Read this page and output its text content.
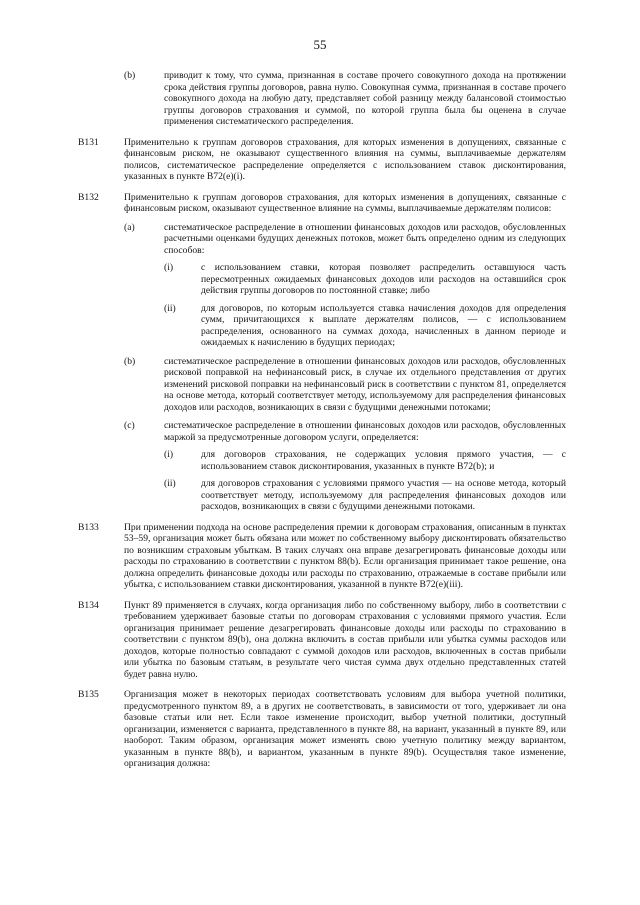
55
(b)	приводит к тому, что сумма, признанная в составе прочего совокупного дохода на протяжении срока действия группы договоров, равна нулю. Совокупная сумма, признанная в составе прочего совокупного дохода на любую дату, представляет собой разницу между балансовой стоимостью группы договоров страхования и суммой, по которой группа была бы оценена в случае применения систематического распределения.
B131	Применительно к группам договоров страхования, для которых изменения в допущениях, связанные с финансовым риском, не оказывают существенного влияния на суммы, выплачиваемые держателям полисов, систематическое распределение определяется с использованием ставок дисконтирования, указанных в пункте B72(e)(i).
B132	Применительно к группам договоров страхования, для которых изменения в допущениях, связанные с финансовым риском, оказывают существенное влияние на суммы, выплачиваемые держателям полисов:
(a)	систематическое распределение в отношении финансовых доходов или расходов, обусловленных расчетными оценками будущих денежных потоков, может быть определено одним из следующих способов:
(i)	с использованием ставки, которая позволяет распределить оставшуюся часть пересмотренных ожидаемых финансовых доходов или расходов на оставшийся срок действия группы договоров по постоянной ставке; либо
(ii)	для договоров, по которым используется ставка начисления доходов для определения сумм, причитающихся к выплате держателям полисов, — с использованием распределения, основанного на суммах дохода, начисленных в данном периоде и ожидаемых к начислению в будущих периодах;
(b)	систематическое распределение в отношении финансовых доходов или расходов, обусловленных рисковой поправкой на нефинансовый риск, в случае их отдельного представления от других изменений рисковой поправки на нефинансовый риск в соответствии с пунктом 81, определяется на основе метода, который соответствует методу, используемому для распределения финансовых доходов или расходов, возникающих в связи с будущими денежными потоками;
(c)	систематическое распределение в отношении финансовых доходов или расходов, обусловленных маржой за предусмотренные договором услуги, определяется:
(i)	для договоров страхования, не содержащих условия прямого участия, — с использованием ставок дисконтирования, указанных в пункте B72(b); и
(ii)	для договоров страхования с условиями прямого участия — на основе метода, который соответствует методу, используемому для распределения финансовых доходов или расходов, возникающих в связи с будущими денежными потоками.
B133	При применении подхода на основе распределения премии к договорам страхования, описанным в пунктах 53–59, организация может быть обязана или может по собственному выбору дисконтировать обязательство по возникшим страховым убыткам. В таких случаях она вправе дезагрегировать финансовые доходы или расходы по страхованию в соответствии с пунктом 88(b). Если организация принимает такое решение, она должна определить финансовые доходы или расходы по страхованию, отражаемые в составе прибыли или убытка, с использованием ставки дисконтирования, указанной в пункте B72(e)(iii).
B134	Пункт 89 применяется в случаях, когда организация либо по собственному выбору, либо в соответствии с требованием удерживает базовые статьи по договорам страхования с условиями прямого участия. Если организация принимает решение дезагрегировать финансовые доходы или расходы по страхованию в соответствии с пунктом 89(b), она должна включить в состав прибыли или убытка суммы расходов или доходов, которые полностью совпадают с суммой доходов или расходов, включенных в состав прибыли или убытка по базовым статьям, в результате чего чистая сумма двух отдельно представленных статей будет равна нулю.
B135	Организация может в некоторых периодах соответствовать условиям для выбора учетной политики, предусмотренного пунктом 89, а в других не соответствовать, в зависимости от того, удерживает ли она базовые статьи или нет. Если такое изменение происходит, выбор учетной политики, доступный организации, изменяется с варианта, представленного в пункте 88, на вариант, указанный в пункте 89, или наоборот. Таким образом, организация может изменять свою учетную политику между вариантом, указанным в пункте 88(b), и вариантом, указанным в пункте 89(b). Осуществляя такое изменение, организация должна:
